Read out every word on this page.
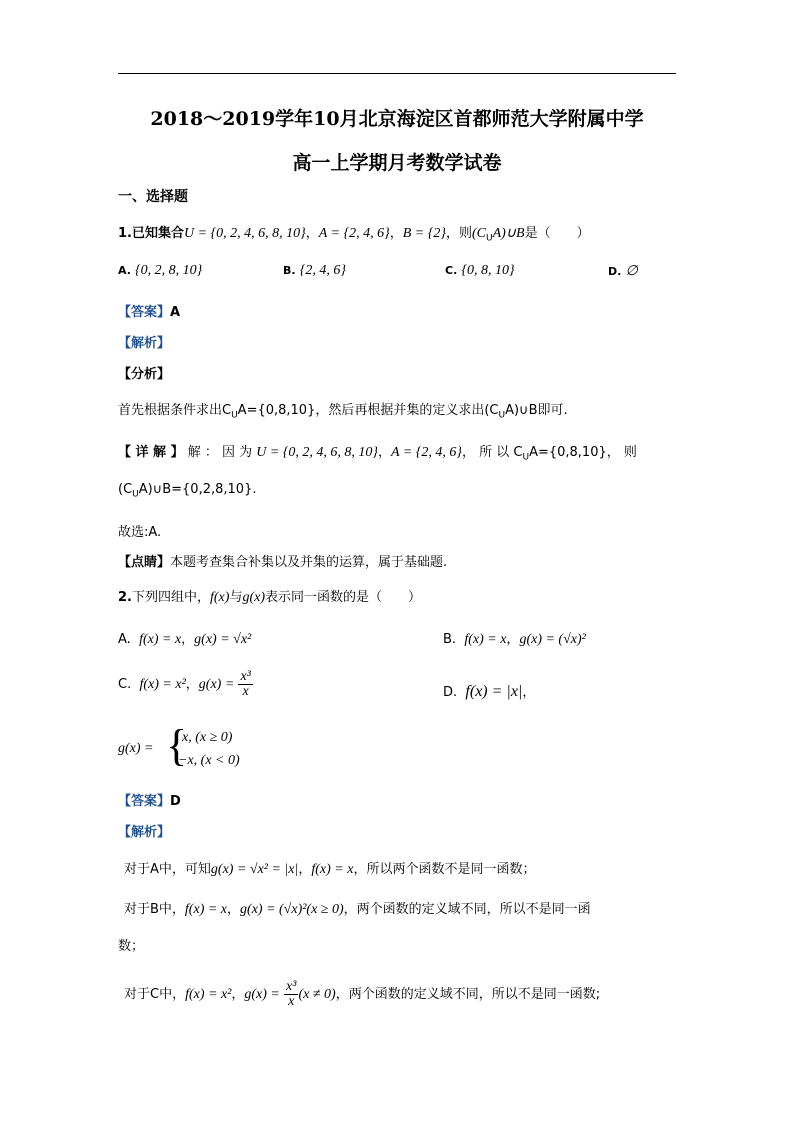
2018～2019学年10月北京海淀区首都师范大学附属中学
高一上学期月考数学试卷
一、选择题
1.已知集合U = {0, 2, 4, 6, 8, 10}，A = {2, 4, 6}，B = {2}，则$(C_UA)\cup B$是（　　）
A. {0, 2, 8, 10}	B. {2, 4, 6}	C. {0, 8, 10}	D. ∅
【答案】A
【解析】
【分析】
首先根据条件求出$C_UA=\{0,8,10\}$，然后再根据并集的定义求出$(C_UA)\cup B$即可.
【 详 解 】 解 ： 因 为 U = {0, 2, 4, 6, 8, 10}，A = {2, 4, 6}， 所 以 $C_UA=\{0,8,10\}$， 则
$(C_UA)\cup B=\{0,2,8,10\}$.
故选:A.
【点睛】本题考查集合补集以及并集的运算，属于基础题.
2.下列四组中，f(x)与g(x)表示同一函数的是（　　）
A. f(x) = x，g(x) = √x²	B. f(x) = x，g(x) = (√x)²
C. f(x) = x²，$g(x) = \frac{\text{x³}}{x}$	D. f(x) = |x|，
g(x) = {
x, (x ≥ 0)
−x, (x < 0)
【答案】D
【解析】
对于A中，可知g(x) = √x² = |x|，f(x) = x，所以两个函数不是同一函数；
对于B中，f(x) = x，g(x) = (√x)²(x ≥ 0)，两个函数的定义域不同，所以不是同一函
数；
对于C中，f(x) = x²，$g(x) = \frac{\text{x³}}{x} (x \ne 0)$，两个函数的定义域不同，所以不是同一函数;
